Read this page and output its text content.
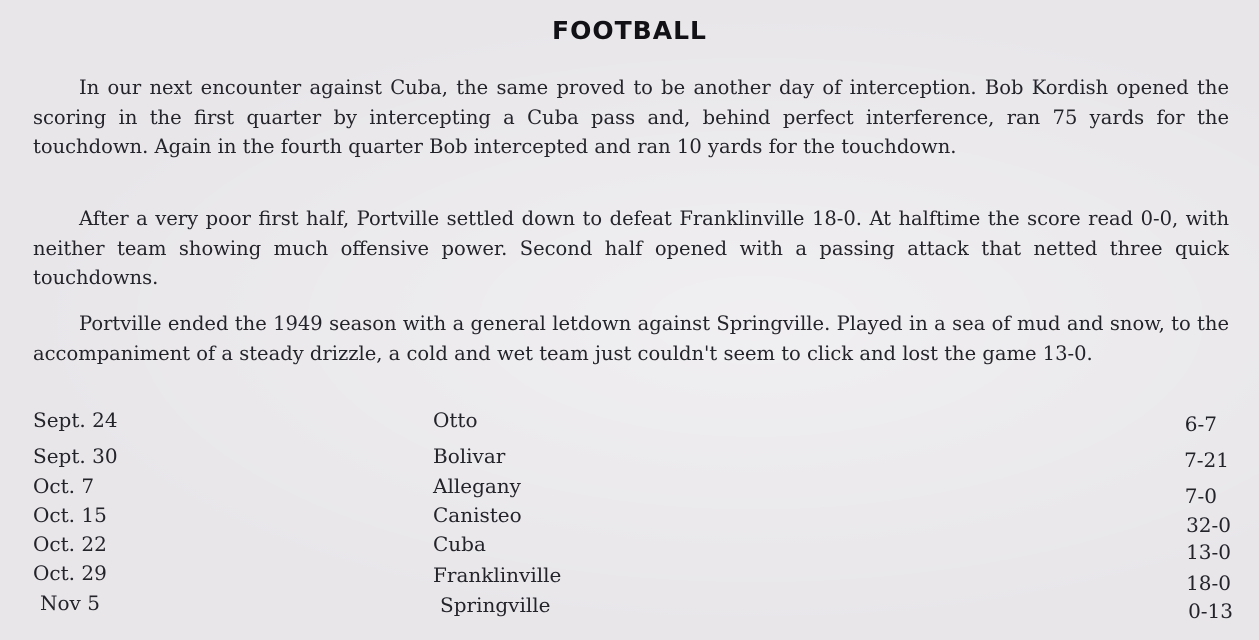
FOOTBALL

In our next encounter against Cuba, the same proved to be another day of interception. Bob Kordish opened the scoring in the first quarter by intercepting a Cuba pass and, behind perfect interference, ran 75 yards for the touchdown. Again in the fourth quarter Bob intercepted and ran 10 yards for the touchdown.

After a very poor first half, Portville settled down to defeat Franklinville 18-0. At halftime the score read 0-0, with neither team showing much offensive power. Second half opened with a passing attack that netted three quick touchdowns.

Portville ended the 1949 season with a general letdown against Springville. Played in a sea of mud and snow, to the accompaniment of a steady drizzle, a cold and wet team just couldn't seem to click and lost the game 13-0.

Sept. 24	Otto	6-7
Sept. 30	Bolivar	7-21
Oct. 7	Allegany	7-0
Oct. 15	Canisteo	32-0
Oct. 22	Cuba	13-0
Oct. 29	Franklinville	18-0
Nov 5	Springville	0-13
